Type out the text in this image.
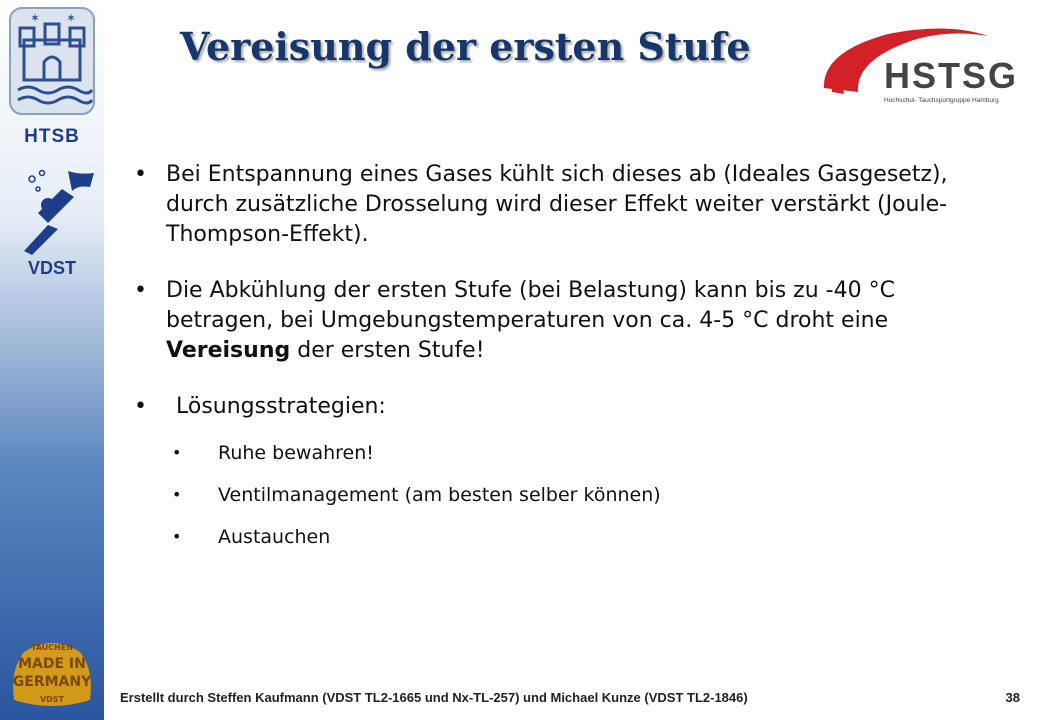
✶ ✶
HTSB
VDST
TAUCHEN
MADE IN
GERMANY
VDST
Vereisung der ersten Stufe
HSTSG
Hochschul- Tauchsportgruppe Hamburg
• Bei Entspannung eines Gases kühlt sich dieses ab (Ideales Gasgesetz), durch zusätzliche Drosselung wird dieser Effekt weiter verstärkt (Joule-Thompson-Effekt).
• Die Abkühlung der ersten Stufe (bei Belastung) kann bis zu -40 °C betragen, bei Umgebungstemperaturen von ca. 4-5 °C droht eine Vereisung der ersten Stufe!
• Lösungsstrategien:
• Ruhe bewahren!
• Ventilmanagement (am besten selber können)
• Austauchen
Erstellt durch Steffen Kaufmann (VDST TL2-1665 und Nx-TL-257) und Michael Kunze (VDST TL2-1846)	38
